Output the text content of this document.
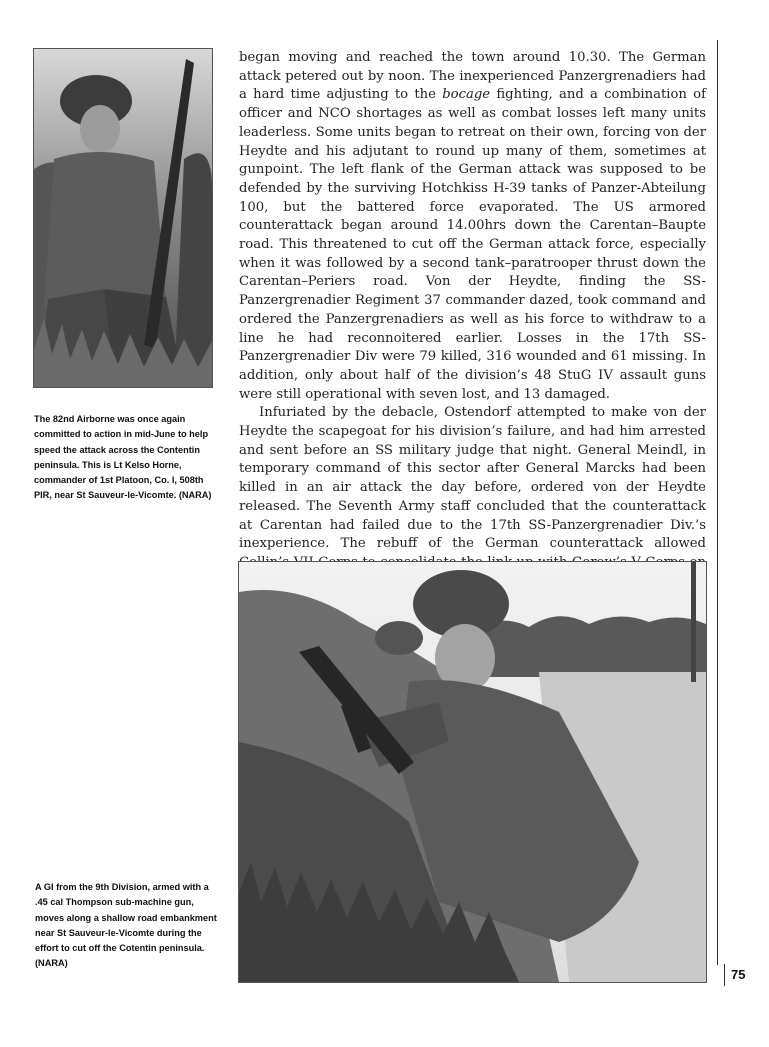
The 82nd Airborne was once again committed to action in mid-June to help speed the attack across the Contentin peninsula. This is Lt Kelso Horne, commander of 1st Platoon, Co. I, 508th PIR, near St Sauveur-le-Vicomte. (NARA)

began moving and reached the town around 10.30. The German attack petered out by noon. The inexperienced Panzergrenadiers had a hard time adjusting to the bocage fighting, and a combination of officer and NCO shortages as well as combat losses left many units leaderless. Some units began to retreat on their own, forcing von der Heydte and his adjutant to round up many of them, sometimes at gunpoint. The left flank of the German attack was supposed to be defended by the surviving Hotchkiss H-39 tanks of Panzer-Abteilung 100, but the battered force evaporated. The US armored counterattack began around 14.00hrs down the Carentan–Baupte road. This threatened to cut off the German attack force, especially when it was followed by a second tank–paratrooper thrust down the Carentan–Periers road. Von der Heydte, finding the SS-Panzergrenadier Regiment 37 commander dazed, took command and ordered the Panzergrenadiers as well as his force to withdraw to a line he had reconnoitered earlier. Losses in the 17th SS-Panzergrenadier Div were 79 killed, 316 wounded and 61 missing. In addition, only about half of the division’s 48 StuG IV assault guns were still operational with seven lost, and 13 damaged.

Infuriated by the debacle, Ostendorf attempted to make von der Heydte the scapegoat for his division’s failure, and had him arrested and sent before an SS military judge that night. General Meindl, in temporary command of this sector after General Marcks had been killed in an air attack the day before, ordered von der Heydte released. The Seventh Army staff concluded that the counterattack at Carentan had failed due to the 17th SS-Panzergrenadier Div.’s inexperience. The rebuff of the German counterattack allowed

A GI from the 9th Division, armed with a .45 cal Thompson sub-machine gun, moves along a shallow road embankment near St Sauveur-le-Vicomte during the effort to cut off the Cotentin peninsula. (NARA)
75
